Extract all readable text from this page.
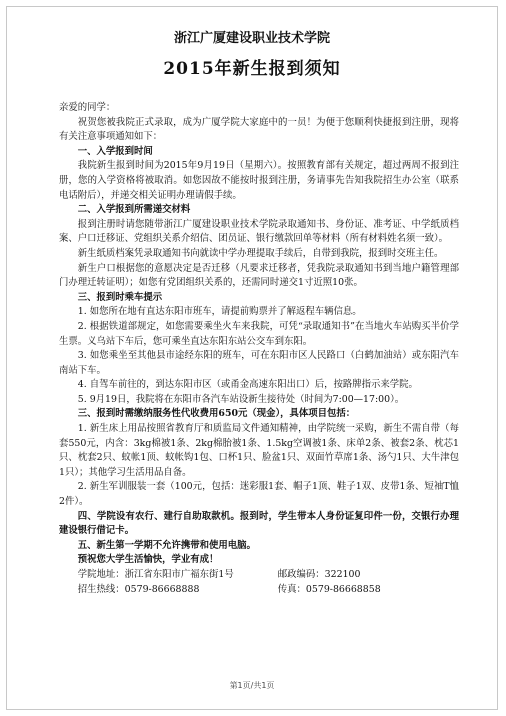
浙江广厦建设职业技术学院
2015年新生报到须知

亲爱的同学：

祝贺您被我院正式录取，成为广厦学院大家庭中的一员！为便于您顺利快捷报到注册，现将有关注意事项通知如下：

一、入学报到时间

我院新生报到时间为2015年9月19日（星期六）。按照教育部有关规定，超过两周不报到注册，您的入学资格将被取消。如您因故不能按时报到注册，务请事先告知我院招生办公室（联系电话附后），并递交相关证明办理请假手续。

二、入学报到所需递交材料

报到注册时请您随带浙江广厦建设职业技术学院录取通知书、身份证、准考证、中学纸质档案、户口迁移证、党组织关系介绍信、团员证、银行缴款回单等材料（所有材料姓名须一致）。

新生纸质档案凭录取通知书向就读中学办理提取手续后，自带到我院，报到时交班主任。

新生户口根据您的意愿决定是否迁移（凡要求迁移者，凭我院录取通知书到当地户籍管理部门办理迁转证明）；如您有党团组织关系的，还需同时递交1寸近照10张。

三、报到时乘车提示

1. 如您所在地有直达东阳市班车，请提前购票并了解返程车辆信息。

2. 根据铁道部规定，如您需要乘坐火车来我院，可凭“录取通知书”在当地火车站购买半价学生票。义乌站下车后，您可乘坐直达东阳东站公交车到东阳。

3. 如您乘坐至其他县市途经东阳的班车，可在东阳市区人民路口（白鹤加油站）或东阳汽车南站下车。

4. 自驾车前往的，到达东阳市区（或甬金高速东阳出口）后，按路牌指示来学院。

5. 9月19日，我院将在东阳市各汽车站设新生接待处（时间为7:00—17:00）。

三、报到时需缴纳服务性代收费用650元（现金），具体项目包括：

1. 新生床上用品按照省教育厅和质监局文件通知精神，由学院统一采购，新生不需自带（每套550元，内含：3kg棉被1条、2kg棉胎被1条、1.5kg空调被1条、床单2条、被套2条、枕芯1只、枕套2只、蚊帐1顶、蚊帐钩1包、口杯1只、脸盆1只、双面竹草席1条、汤勺1只、大牛津包1只）；其他学习生活用品自备。

2. 新生军训服装一套（100元，包括：迷彩服1套、帽子1顶、鞋子1双、皮带1条、短袖T恤2件）。

四、学院设有农行、建行自助取款机。报到时，学生带本人身份证复印件一份，交银行办理建设银行借记卡。

五、新生第一学期不允许携带和使用电脑。

预祝您大学生活愉快，学业有成！

学院地址：浙江省东阳市广福东街1号	邮政编码：322100
招生热线：0579-86668888	传真：0579-86668858
第1页/共1页
